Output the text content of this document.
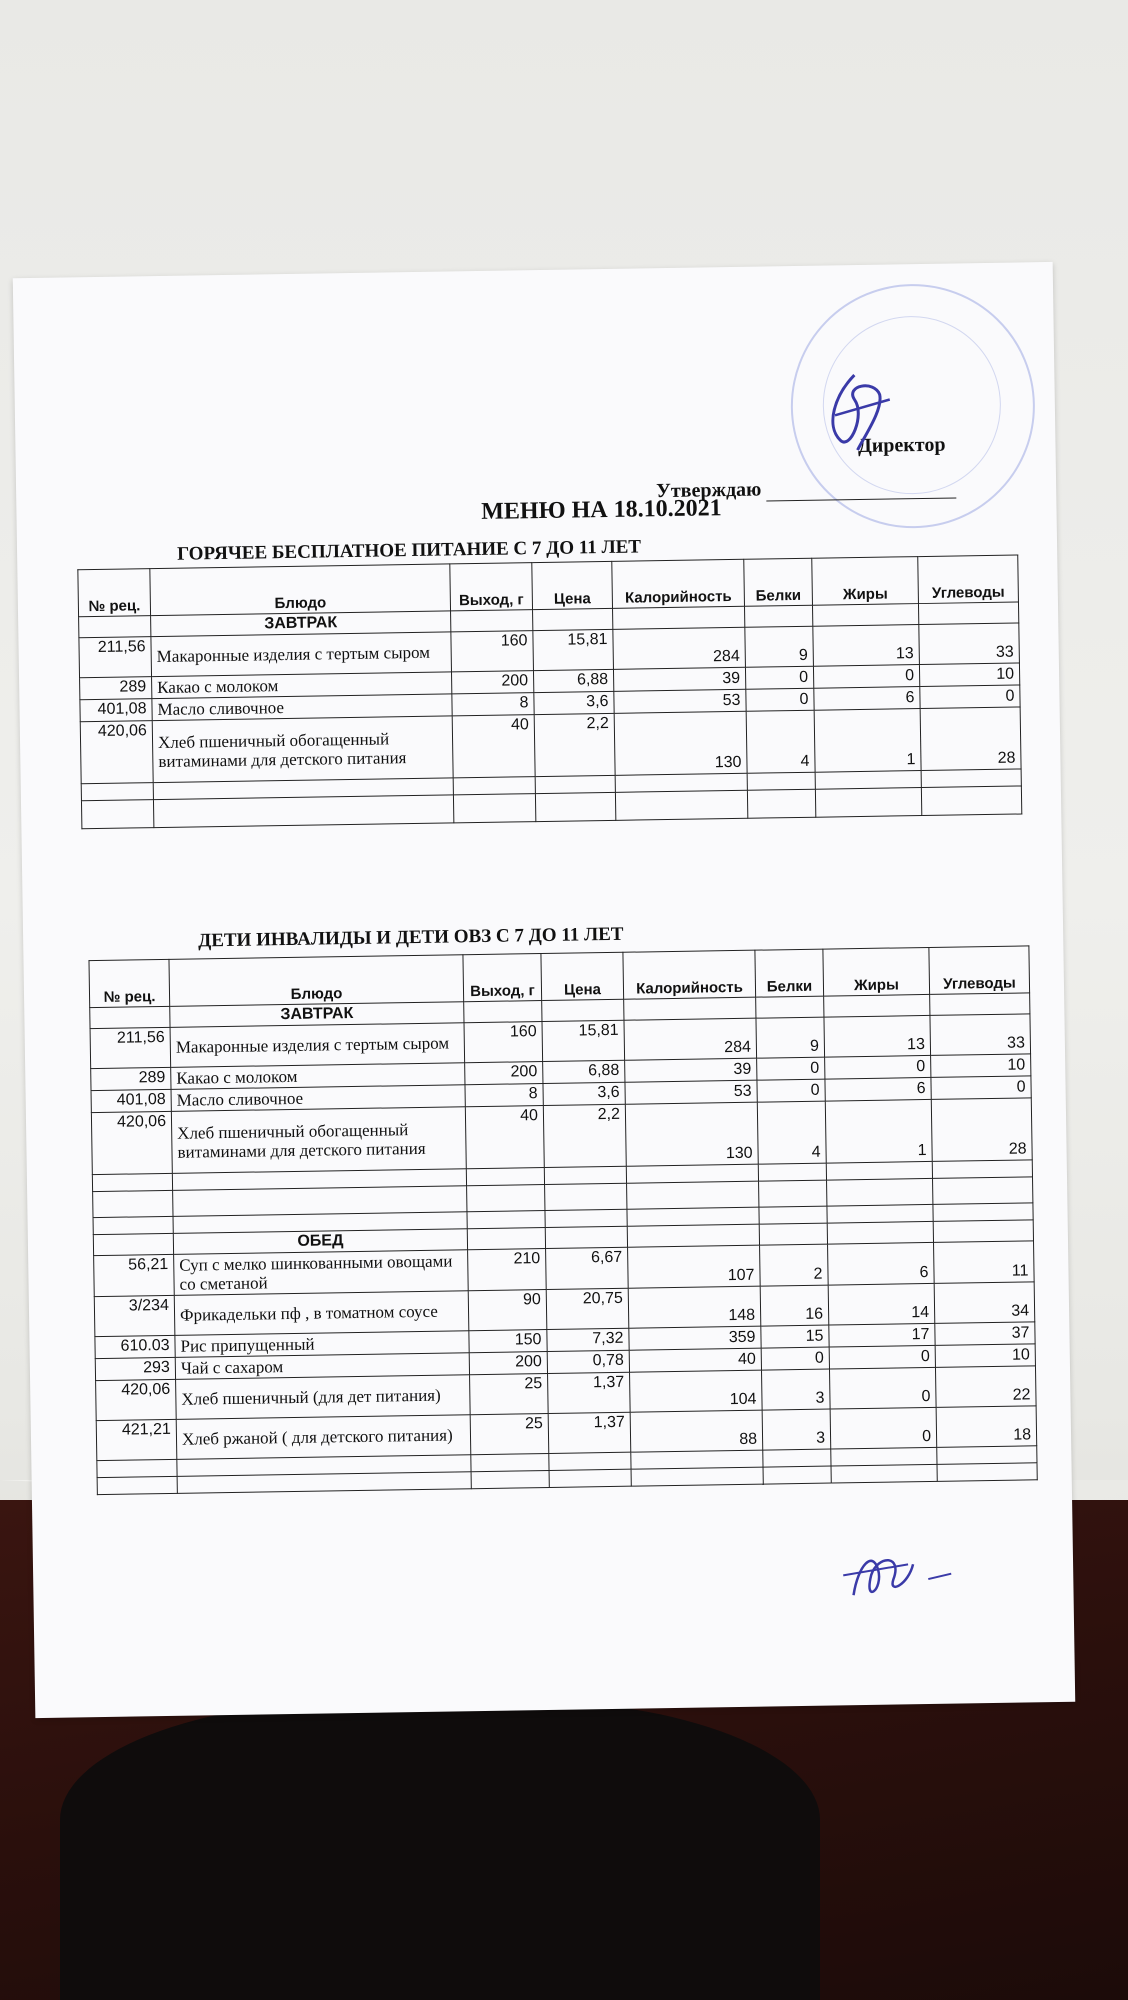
Директор
Утверждаю
МЕНЮ НА 18.10.2021
ГОРЯЧЕЕ БЕСПЛАТНОЕ ПИТАНИЕ С 7 ДО 11 ЛЕТ
№ рец.	Блюдо	Выход, г	Цена	Калорийность	Белки	Жиры	Углеводы
	ЗАВТРАК						
211,56	Макаронные изделия с тертым сыром	160	15,81	284	9	13	33
289	Какао с молоком	200	6,88	39	0	0	10
401,08	Масло сливочное	8	3,6	53	0	6	0
420,06	Хлеб пшеничный обогащенный витаминами для детского питания	40	2,2	130	4	1	28

ДЕТИ ИНВАЛИДЫ И ДЕТИ ОВЗ С 7 ДО 11 ЛЕТ
№ рец.	Блюдо	Выход, г	Цена	Калорийность	Белки	Жиры	Углеводы
	ЗАВТРАК						
211,56	Макаронные изделия с тертым сыром	160	15,81	284	9	13	33
289	Какао с молоком	200	6,88	39	0	0	10
401,08	Масло сливочное	8	3,6	53	0	6	0
420,06	Хлеб пшеничный обогащенный витаминами для детского питания	40	2,2	130	4	1	28

	ОБЕД						
56,21	Суп с мелко шинкованными овощами со сметаной	210	6,67	107	2	6	11
3/234	Фрикадельки пф , в томатном соусе	90	20,75	148	16	14	34
610.03	Рис припущенный	150	7,32	359	15	17	37
293	Чай с сахаром	200	0,78	40	0	0	10
420,06	Хлеб пшеничный (для дет питания)	25	1,37	104	3	0	22
421,21	Хлеб ржаной ( для детского питания)	25	1,37	88	3	0	18
